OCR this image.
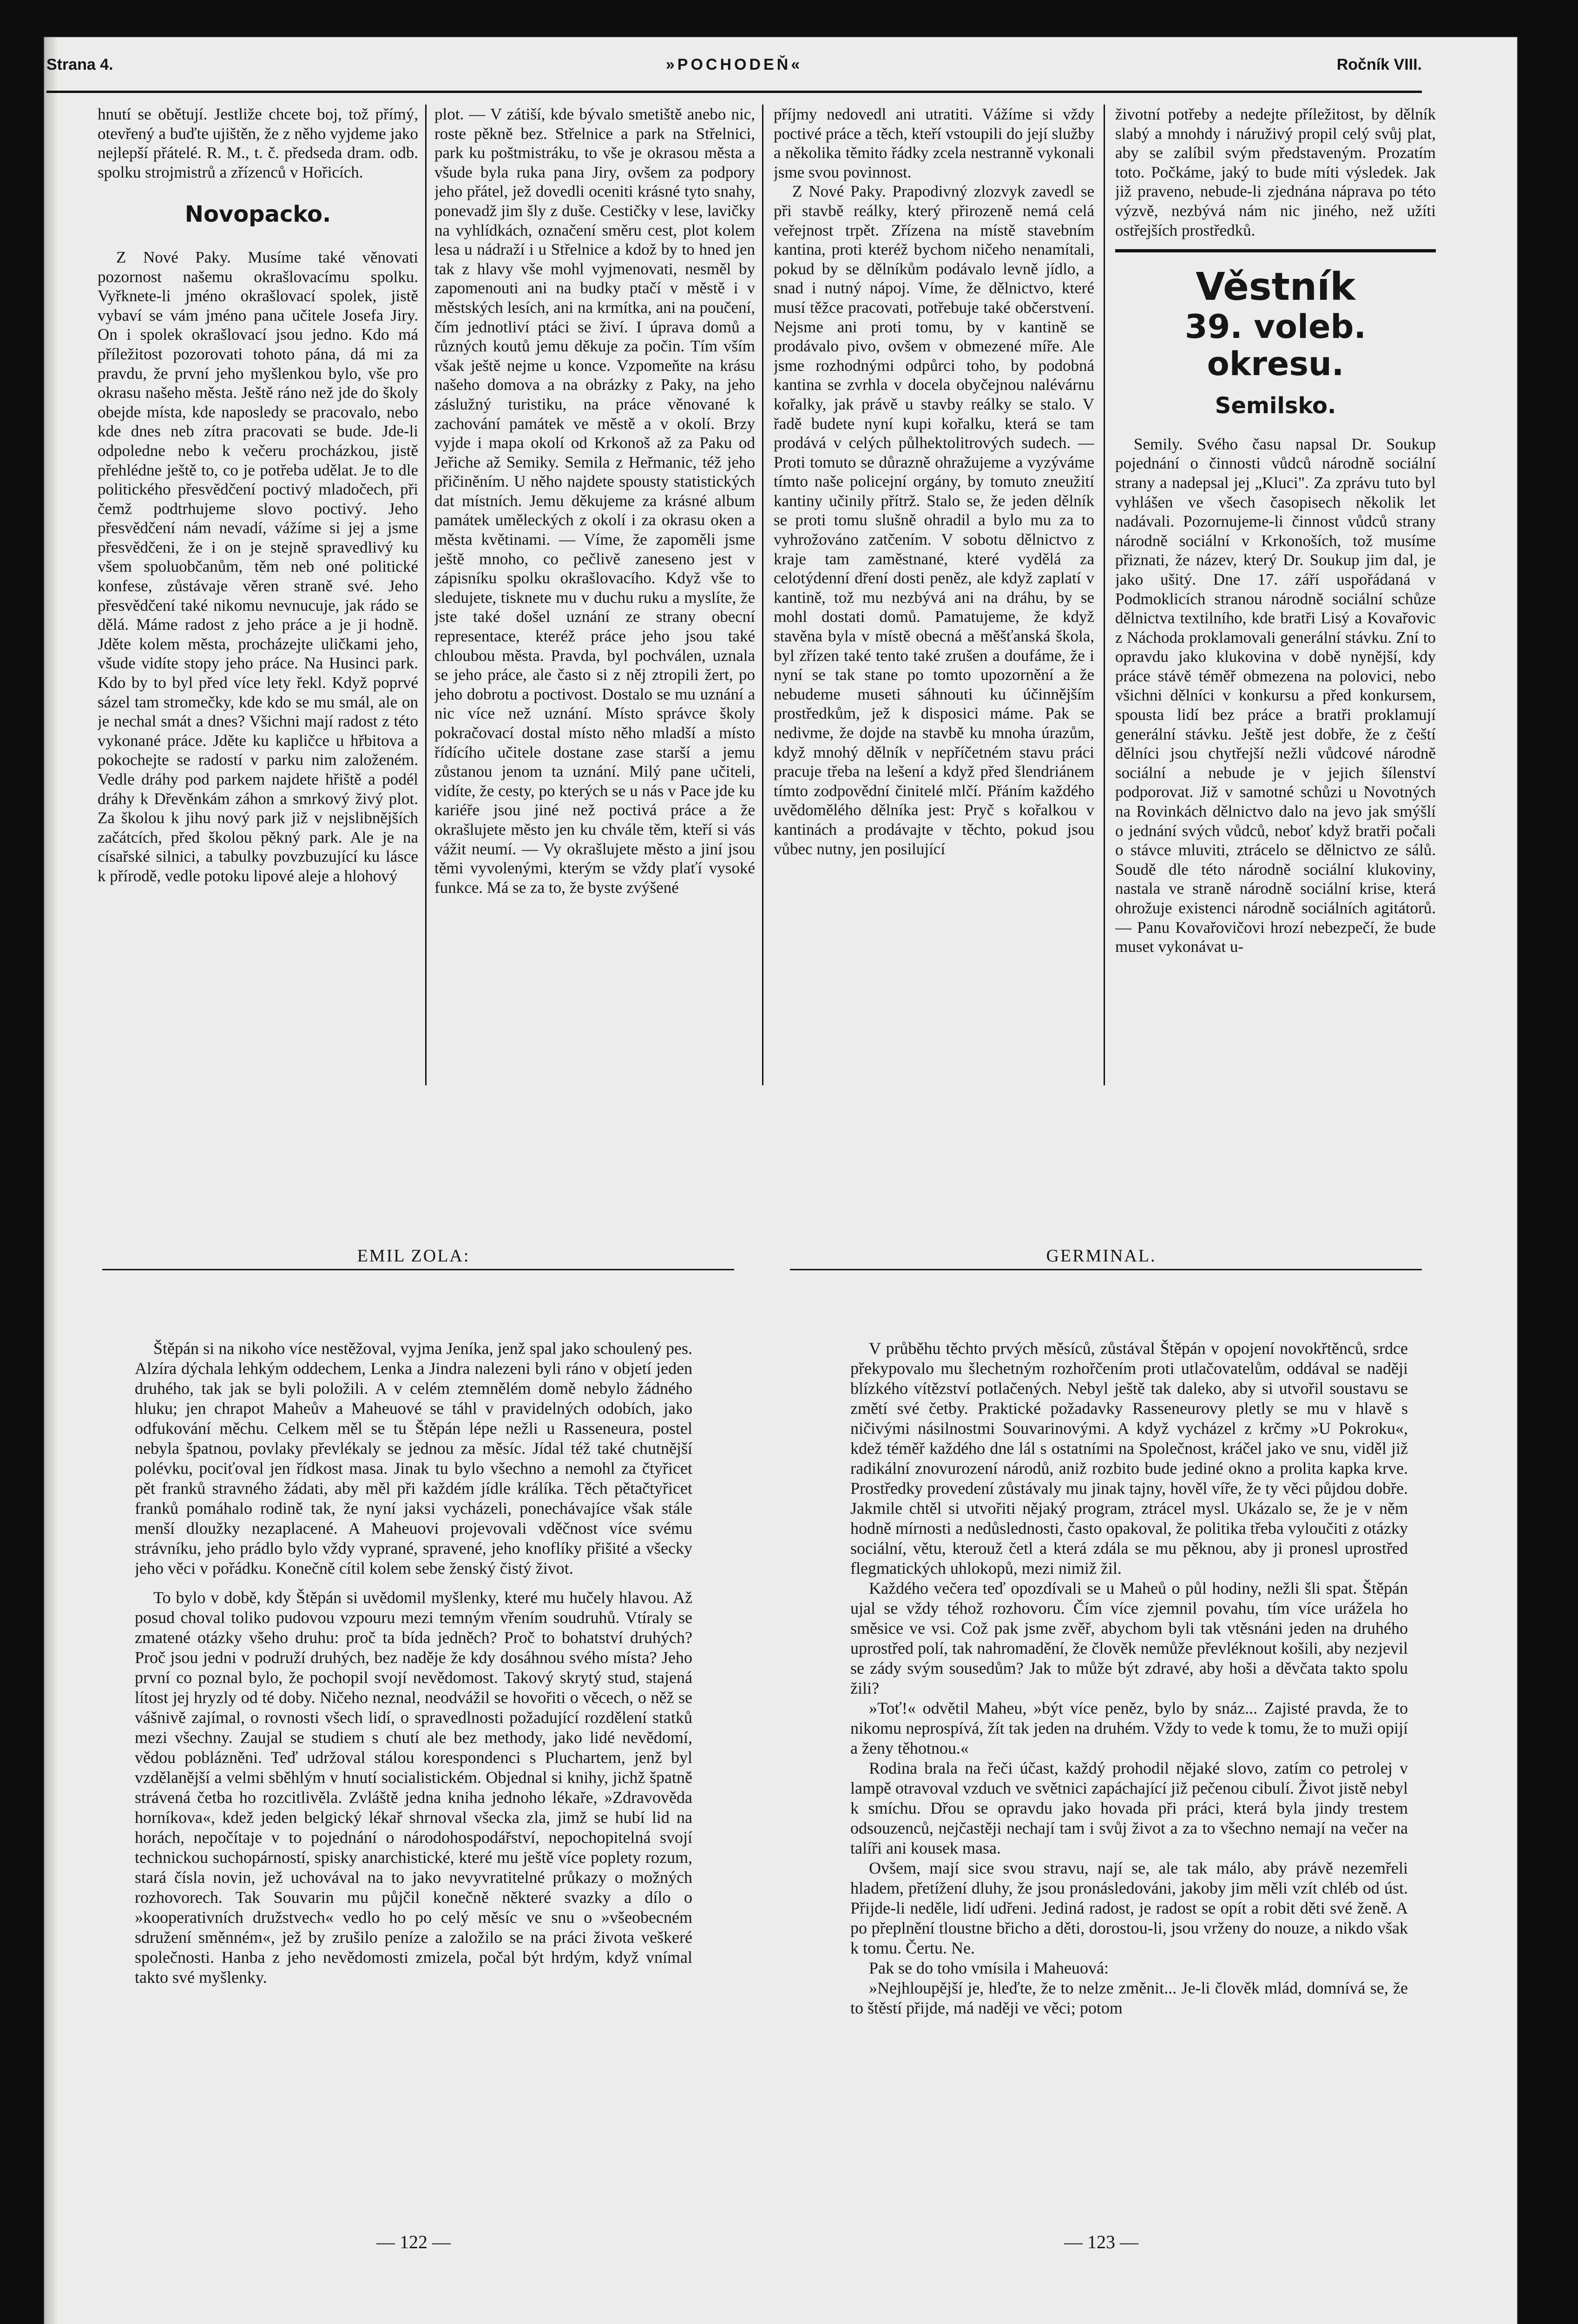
Strana 4.	»POCHODEŇ«	Ročník VIII.

hnutí se obětují. Jestliže chcete boj, tož přímý, otevřený a buďte ujištěn, že z něho vyjdeme jako nejlepší přátelé. R. M., t. č. předseda dram. odb. spolku strojmistrů a zřízenců v Hořicích.

Novopacko.

Z Nové Paky. Musíme také věnovati pozornost našemu okrašlovacímu spolku. Vyřknete-li jméno okrašlovací spolek, jistě vybaví se vám jméno pana učitele Josefa Jiry. On i spolek okrašlovací jsou jedno. Kdo má příležitost pozorovati tohoto pána, dá mi za pravdu, že první jeho myšlenkou bylo, vše pro okrasu našeho města. Ještě ráno než jde do školy obejde místa, kde naposledy se pracovalo, nebo kde dnes neb zítra pracovati se bude. Jde-li odpoledne nebo k večeru procházkou, jistě přehlédne ještě to, co je potřeba udělat. Je to dle politického přesvědčení poctivý mladočech, při čemž podtrhujeme slovo poctivý. Jeho přesvědčení nám nevadí, vážíme si jej a jsme přesvědčeni, že i on je stejně spravedlivý ku všem spoluobčanům, těm neb oné politické konfese, zůstávaje věren straně své. Jeho přesvědčení také nikomu nevnucuje, jak rádo se dělá. Máme radost z jeho práce a je ji hodně. Jděte kolem města, procházejte uličkami jeho, všude vidíte stopy jeho práce. Na Husinci park. Kdo by to byl před více lety řekl. Když poprvé sázel tam stromečky, kde kdo se mu smál, ale on je nechal smát a dnes? Všichni mají radost z této vykonané práce. Jděte ku kapličce u hřbitova a pokochejte se radostí v parku nim založeném. Vedle dráhy pod parkem najdete hřiště a podél dráhy k Dřevěnkám záhon a smrkový živý plot. Za školou k jihu nový park již v nejslibnějších začátcích, před školou pěkný park. Ale je na císařské silnici, a tabulky povzbuzující ku lásce k přírodě, vedle potoku lipové aleje a hlohový

plot. — V zátiší, kde bývalo smetiště anebo nic, roste pěkně bez. Střelnice a park na Střelnici, park ku poštmistráku, to vše je okrasou města a všude byla ruka pana Jiry, ovšem za podpory jeho přátel, jež dovedli oceniti krásné tyto snahy, ponevadž jim šly z duše. Cestičky v lese, lavičky na vyhlídkách, označení směru cest, plot kolem lesa u nádraží i u Střelnice a kdož by to hned jen tak z hlavy vše mohl vyjmenovati, nesměl by zapomenouti ani na budky ptačí v městě i v městských lesích, ani na krmítka, ani na poučení, čím jednotliví ptáci se živí. I úprava domů a různých koutů jemu děkuje za počin. Tím vším však ještě nejme u konce. Vzpomeňte na krásu našeho domova a na obrázky z Paky, na jeho záslužný turistiku, na práce věnované k zachování památek ve městě a v okolí. Brzy vyjde i mapa okolí od Krkonoš až za Paku od Jeřiche až Semiky. Semila z Heřmanic, též jeho přičiněním. U něho najdete spousty statistických dat místních. Jemu děkujeme za krásné album památek uměleckých z okolí i za okrasu oken a města květinami. — Víme, že zapoměli jsme ještě mnoho, co pečlivě zaneseno jest v zápisníku spolku okrašlovacího. Když vše to sledujete, tisknete mu v duchu ruku a myslíte, že jste také došel uznání ze strany obecní representace, kteréž práce jeho jsou také chloubou města. Pravda, byl pochválen, uznala se jeho práce, ale často si z něj ztropili žert, po jeho dobrotu a poctivost. Dostalo se mu uznání a nic více než uznání. Místo správce školy pokračovací dostal místo něho mladší a místo řídícího učitele dostane zase starší a jemu zůstanou jenom ta uznání. Milý pane učiteli, vidíte, že cesty, po kterých se u nás v Pace jde ku kariéře jsou jiné než poctivá práce a že okrašlujete město jen ku chvále těm, kteří si vás vážit neumí. — Vy okrašlujete město a jiní jsou těmi vyvolenými, kterým se vždy plaťí vysoké funkce. Má se za to, že byste zvýšené

příjmy nedovedl ani utratiti. Vážíme si vždy poctivé práce a těch, kteří vstoupili do její služby a několika těmito řádky zcela nestranně vykonali jsme svou povinnost.

Z Nové Paky. Prapodivný zlozvyk zavedl se při stavbě reálky, který přirozeně nemá celá veřejnost trpět. Zřízena na místě stavebním kantina, proti kteréž bychom ničeho nenamítali, pokud by se dělníkům podávalo levně jídlo, a snad i nutný nápoj. Víme, že dělnictvo, které musí těžce pracovati, potřebuje také občerstvení. Nejsme ani proti tomu, by v kantině se prodávalo pivo, ovšem v obmezené míře. Ale jsme rozhodnými odpůrci toho, by podobná kantina se zvrhla v docela obyčejnou nalévárnu kořalky, jak právě u stavby reálky se stalo. V řadě budete nyní kupi kořalku, která se tam prodává v celých půlhektolitrových sudech. — Proti tomuto se důrazně ohražujeme a vyzýváme tímto naše policejní orgány, by tomuto zneužití kantiny učinily přítrž. Stalo se, že jeden dělník se proti tomu slušně ohradil a bylo mu za to vyhrožováno zatčením. V sobotu dělnictvo z kraje tam zaměstnané, které vydělá za celotýdenní dření dosti peněz, ale když zaplatí v kantině, tož mu nezbývá ani na dráhu, by se mohl dostati domů. Pamatujeme, že když stavěna byla v místě obecná a měšťanská škola, byl zřízen také tento také zrušen a doufáme, že i nyní se tak stane po tomto upozornění a že nebudeme museti sáhnouti ku účinnějším prostředkům, jež k disposici máme. Pak se nedivme, že dojde na stavbě ku mnoha úrazům, když mnohý dělník v nepříčetném stavu práci pracuje třeba na lešení a když před šlendriánem tímto zodpovědní činitelé mlčí. Přáním každého uvědomělého dělníka jest: Pryč s kořalkou v kantinách a prodávajte v těchto, pokud jsou vůbec nutny, jen posilující

životní potřeby a nedejte příležitost, by dělník slabý a mnohdy i náruživý propil celý svůj plat, aby se zalíbil svým představeným. Prozatím toto. Počkáme, jaký to bude míti výsledek. Jak již praveno, nebude-li zjednána náprava po této výzvě, nezbývá nám nic jiného, než užíti ostřejších prostředků.

Věstník
39. voleb. okresu.
Semilsko.

Semily. Svého času napsal Dr. Soukup pojednání o činnosti vůdců národně sociální strany a nadepsal jej „Kluci". Za zprávu tuto byl vyhlášen ve všech časopisech několik let nadávali. Pozornujeme-li činnost vůdců strany národně sociální v Krkonoších, tož musíme přiznati, že název, který Dr. Soukup jim dal, je jako ušitý. Dne 17. září uspořádaná v Podmoklicích stranou národně sociální schůze dělnictva textilního, kde bratři Lisý a Kovařovic z Náchoda proklamovali generální stávku. Zní to opravdu jako klukovina v době nynější, kdy práce stávě téměř obmezena na polovici, nebo všichni dělníci v konkursu a před konkursem, spousta lidí bez práce a bratři proklamují generální stávku. Ještě jest dobře, že z čeští dělníci jsou chytřejší nežli vůdcové národně sociální a nebude je v jejich šílenství podporovat. Již v samotné schůzi u Novotných na Rovinkách dělnictvo dalo na jevo jak smýšlí o jednání svých vůdců, neboť když bratři počali o stávce mluviti, ztrácelo se dělnictvo ze sálů. Soudě dle této národně sociální klukoviny, nastala ve straně národně sociální krise, která ohrožuje existenci národně sociálních agitátorů. — Panu Kovařovičovi hrozí nebezpečí, že bude muset vykonávat u-

EMIL ZOLA:	GERMINAL.

Štěpán si na nikoho více nestěžoval, vyjma Jeníka, jenž spal jako schoulený pes. Alzíra dýchala lehkým oddechem, Lenka a Jindra nalezeni byli ráno v objetí jeden druhého, tak jak se byli položili. A v celém ztemnělém domě nebylo žádného hluku; jen chrapot Maheův a Maheuové se táhl v pravidelných odobích, jako odfukování měchu. Celkem měl se tu Štěpán lépe nežli u Rasseneura, postel nebyla špatnou, povlaky převlékaly se jednou za měsíc. Jídal též také chutnější polévku, pociťoval jen řídkost masa. Jinak tu bylo všechno a nemohl za čtyřicet pět franků stravného žádati, aby měl při každém jídle králíka. Těch pětačtyřicet franků pomáhalo rodině tak, že nyní jaksi vycházeli, ponechávajíce však stále menší dloužky nezaplacené. A Maheuovi projevovali vděčnost více svému strávníku, jeho prádlo bylo vždy vyprané, spravené, jeho knoflíky přišité a všecky jeho věci v pořádku. Konečně cítil kolem sebe ženský čistý život.

To bylo v době, kdy Štěpán si uvědomil myšlenky, které mu hučely hlavou. Až posud choval toliko pudovou vzpouru mezi temným vřením soudruhů. Vtíraly se zmatené otázky všeho druhu: proč ta bída jedněch? Proč to bohatství druhých? Proč jsou jedni v podruží druhých, bez naděje že kdy dosáhnou svého místa? Jeho první co poznal bylo, že pochopil svojí nevědomost. Takový skrytý stud, stajená lítost jej hryzly od té doby. Ničeho neznal, neodvážil se hovořiti o věcech, o něž se vášnivě zajímal, o rovnosti všech lidí, o spravedlnosti požadující rozdělení statků mezi všechny. Zaujal se studiem s chutí ale bez methody, jako lidé nevědomí, vědou poblázněni. Teď udržoval stálou korespondenci s Pluchartem, jenž byl vzdělanější a velmi sběhlým v hnutí socialistickém. Objednal si knihy, jichž špatně strávená četba ho rozcitlivěla. Zvláště jedna kniha jednoho lékaře, »Zdravověda horníkova«, kdež jeden belgický lékař shrnoval všecka zla, jimž se hubí lid na horách, nepočítaje v to pojednání o národohospodářství, nepochopitelná svojí technickou suchopárností, spisky anarchistické, které mu ještě více poplety rozum, stará čísla novin, jež uchovával na to jako nevyvratitelné průkazy o možných rozhovorech. Tak Souvarin mu půjčil konečně některé svazky a dílo o »kooperativních družstvech« vedlo ho po celý měsíc ve snu o »všeobecném sdružení směnném«, jež by zrušilo peníze a založilo se na práci života veškeré společnosti. Hanba z jeho nevědomosti zmizela, počal být hrdým, když vnímal takto své myšlenky.

V průběhu těchto prvých měsíců, zůstával Štěpán v opojení novokřtěnců, srdce překypovalo mu šlechetným rozhořčením proti utlačovatelům, oddával se naději blízkého vítězství potlačených. Nebyl ještě tak daleko, aby si utvořil soustavu se změtí své četby. Praktické požadavky Rasseneurovy pletly se mu v hlavě s ničivými násilnostmi Souvarinovými. A když vycházel z krčmy »U Pokroku«, kdež téměř každého dne lál s ostatními na Společnost, kráčel jako ve snu, viděl již radikální znovurození národů, aniž rozbito bude jediné okno a prolita kapka krve. Prostředky provedení zůstávaly mu jinak tajny, hověl víře, že ty věci půjdou dobře. Jakmile chtěl si utvořiti nějaký program, ztrácel mysl. Ukázalo se, že je v něm hodně mírnosti a nedůslednosti, často opakoval, že politika třeba vyloučiti z otázky sociální, větu, kterouž četl a která zdála se mu pěknou, aby ji pronesl uprostřed flegmatických uhlokopů, mezi nimiž žil.

Každého večera teď opozdívali se u Maheů o půl hodiny, nežli šli spat. Štěpán ujal se vždy téhož rozhovoru. Čím více zjemnil povahu, tím více urážela ho směsice ve vsi. Což pak jsme zvěř, abychom byli tak vtěsnáni jeden na druhého uprostřed polí, tak nahromadění, že člověk nemůže převléknout košili, aby nezjevil se zády svým sousedům? Jak to může být zdravé, aby hoši a děvčata takto spolu žili?

»Toť!« odvětil Maheu, »být více peněz, bylo by snáz... Zajisté pravda, že to nikomu neprospívá, žít tak jeden na druhém. Vždy to vede k tomu, že to muži opijí a ženy těhotnou.«

Rodina brala na řeči účast, každý prohodil nějaké slovo, zatím co petrolej v lampě otravoval vzduch ve světnici zapáchající již pečenou cibulí. Život jistě nebyl k smíchu. Dřou se opravdu jako hovada při práci, která byla jindy trestem odsouzenců, nejčastěji nechají tam i svůj život a za to všechno nemají na večer na talíři ani kousek masa.

Ovšem, mají sice svou stravu, nají se, ale tak málo, aby právě nezemřeli hladem, přetížení dluhy, že jsou pronásledováni, jakoby jim měli vzít chléb od úst. Přijde-li neděle, lidí udřeni. Jediná radost, je radost se opít a robit děti své ženě. A po přeplnění tloustne břicho a děti, dorostou-li, jsou vrženy do nouze, a nikdo však k tomu. Čertu. Ne.

Pak se do toho vmísila i Maheuová:

»Nejhloupější je, hleďte, že to nelze změnit... Je-li člověk mlád, domnívá se, že to štěstí přijde, má naději ve věci; potom

— 122 —	— 123 —
